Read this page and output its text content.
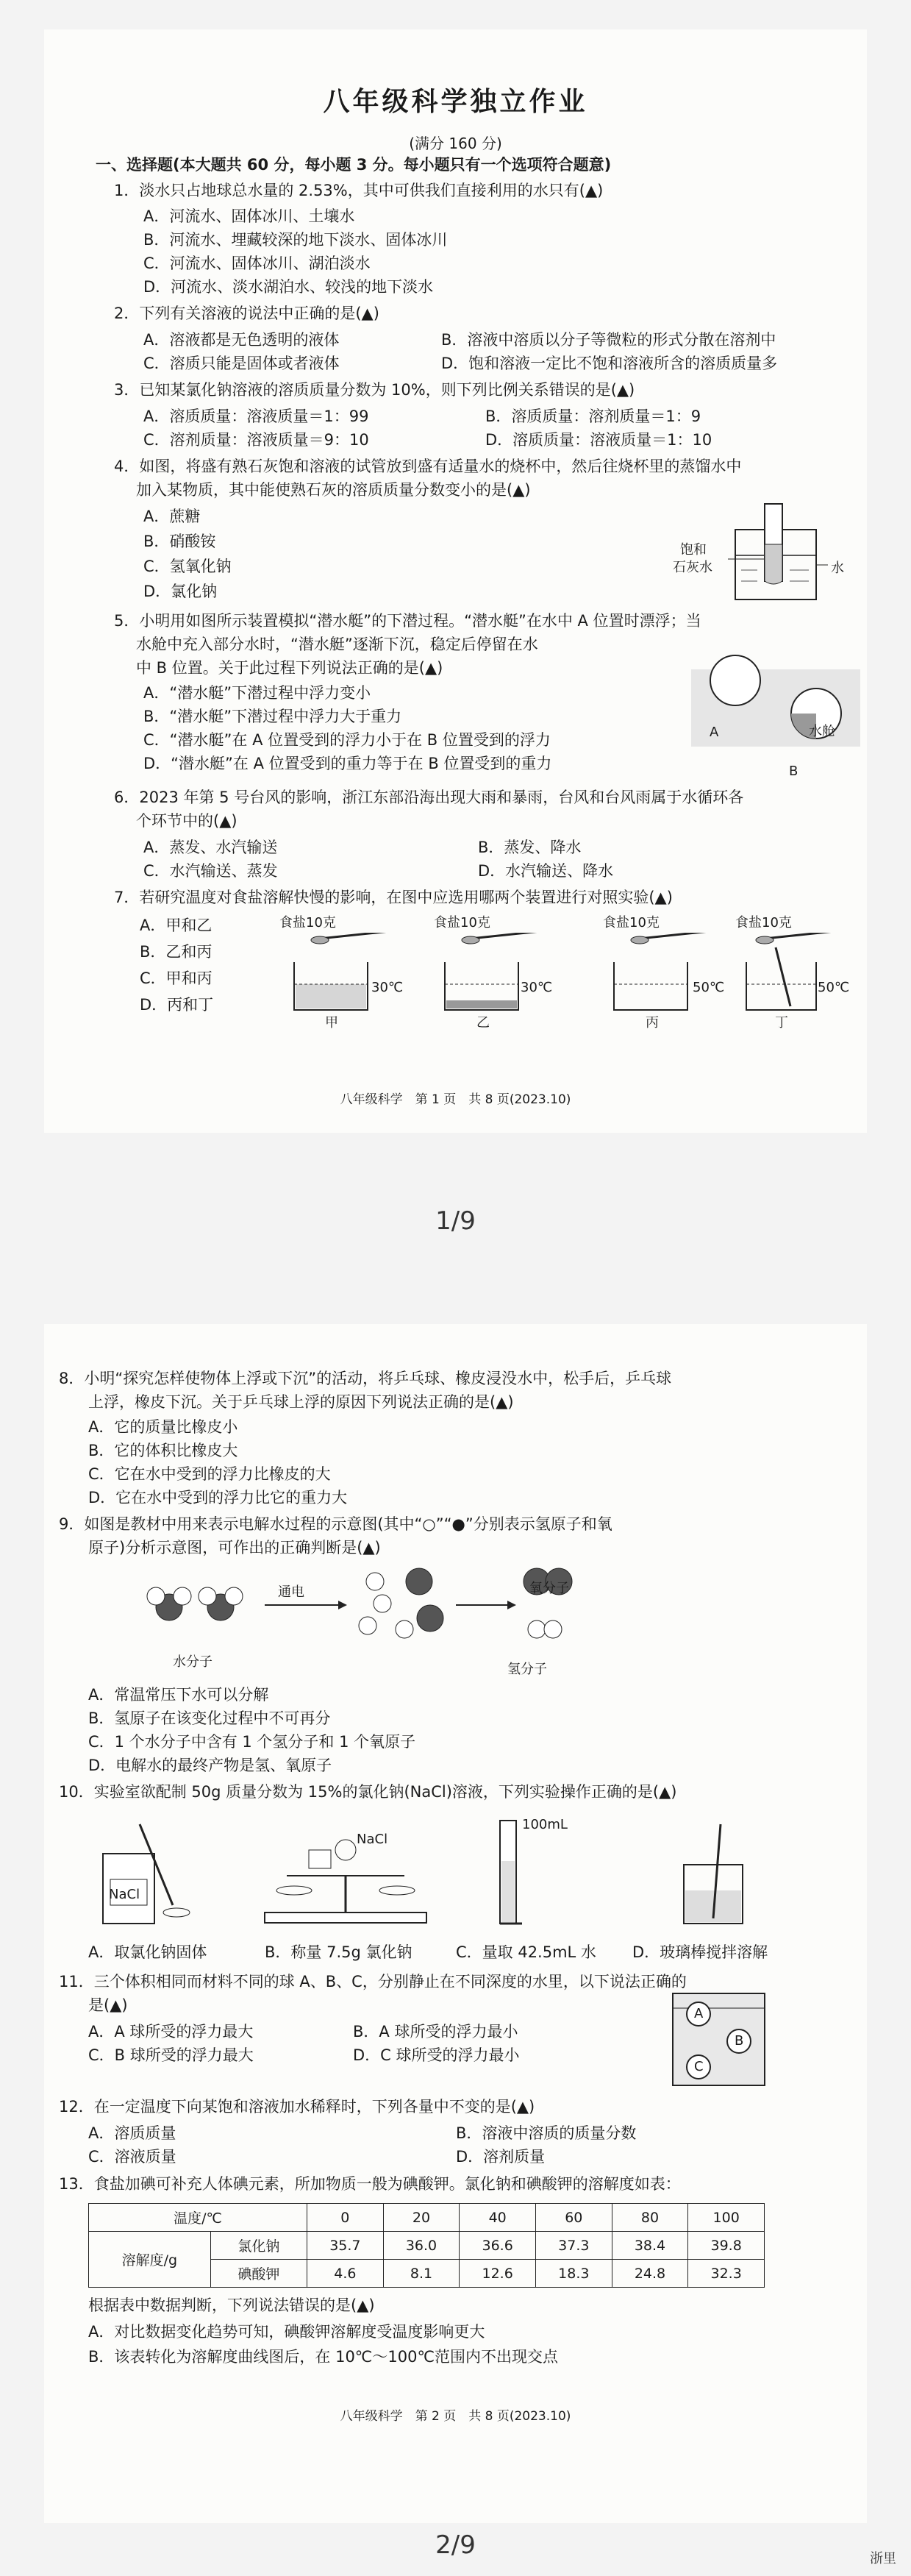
八年级科学独立作业
(满分 160 分)
一、选择题(本大题共 60 分，每小题 3 分。每小题只有一个选项符合题意)
1．淡水只占地球总水量的 2.53%，其中可供我们直接利用的水只有(▲)
A．河流水、固体冰川、土壤水
B．河流水、埋藏较深的地下淡水、固体冰川
C．河流水、固体冰川、湖泊淡水
D．河流水、淡水湖泊水、较浅的地下淡水
2．下列有关溶液的说法中正确的是(▲)
A．溶液都是无色透明的液体	B．溶液中溶质以分子等微粒的形式分散在溶剂中
C．溶质只能是固体或者液体	D．饱和溶液一定比不饱和溶液所含的溶质质量多
3．已知某氯化钠溶液的溶质质量分数为 10%，则下列比例关系错误的是(▲)
A．溶质质量：溶液质量＝1：99	B．溶质质量：溶剂质量＝1：9
C．溶剂质量：溶液质量＝9：10	D．溶质质量：溶液质量＝1：10
4．如图，将盛有熟石灰饱和溶液的试管放到盛有适量水的烧杯中，然后往烧杯里的蒸馏水中
加入某物质，其中能使熟石灰的溶质质量分数变小的是(▲)
A．蔗糖
B．硝酸铵
C．氢氧化钠
D．氯化钠
饱和
石灰水	水
5．小明用如图所示装置模拟“潜水艇”的下潜过程。“潜水艇”在水中 A 位置时漂浮；当
水舱中充入部分水时，“潜水艇”逐渐下沉，稳定后停留在水
中 B 位置。关于此过程下列说法正确的是(▲)
A．“潜水艇”下潜过程中浮力变小
B．“潜水艇”下潜过程中浮力大于重力
C．“潜水艇”在 A 位置受到的浮力小于在 B 位置受到的浮力
D．“潜水艇”在 A 位置受到的重力等于在 B 位置受到的重力
A
B
水舱
6．2023 年第 5 号台风的影响，浙江东部沿海出现大雨和暴雨，台风和台风雨属于水循环各
个环节中的(▲)
A．蒸发、水汽输送	B．蒸发、降水
C．水汽输送、蒸发	D．水汽输送、降水
7．若研究温度对食盐溶解快慢的影响，在图中应选用哪两个装置进行对照实验(▲)
A．甲和乙
B．乙和丙
C．甲和丙
D．丙和丁
食盐10克
30℃
甲
食盐10克
30℃
乙
食盐10克
50℃
丙
食盐10克
50℃
丁
八年级科学　第 1 页　共 8 页(2023.10)
1/9
8．小明“探究怎样使物体上浮或下沉”的活动，将乒乓球、橡皮浸没水中，松手后，乒乓球
上浮，橡皮下沉。关于乒乓球上浮的原因下列说法正确的是(▲)
A．它的质量比橡皮小
B．它的体积比橡皮大
C．它在水中受到的浮力比橡皮的大
D．它在水中受到的浮力比它的重力大
9．如图是教材中用来表示电解水过程的示意图(其中“○”“●”分别表示氢原子和氧
原子)分析示意图，可作出的正确判断是(▲)
通电
水分子
氧分子
氢分子
A．常温常压下水可以分解
B．氢原子在该变化过程中不可再分
C．1 个水分子中含有 1 个氢分子和 1 个氧原子
D．电解水的最终产物是氢、氧原子
10．实验室欲配制 50g 质量分数为 15%的氯化钠(NaCl)溶液，下列实验操作正确的是(▲)
NaCl
NaCl
100mL
A．取氯化钠固体	B．称量 7.5g 氯化钠	C．量取 42.5mL 水 D．玻璃棒搅拌溶解
11．三个体积相同而材料不同的球 A、B、C，分别静止在不同深度的水里，以下说法正确的
是(▲)
A．A 球所受的浮力最大	B．A 球所受的浮力最小
C．B 球所受的浮力最大	D．C 球所受的浮力最小
A
B
C
12．在一定温度下向某饱和溶液加水稀释时，下列各量中不变的是(▲)
A．溶质质量	B．溶液中溶质的质量分数
C．溶液质量	D．溶剂质量
13．食盐加碘可补充人体碘元素，所加物质一般为碘酸钾。氯化钠和碘酸钾的溶解度如表：
温度/℃		0	20	40	60	80	100
溶解度/g	氯化钠	35.7	36.0	36.6	37.3	38.4	39.8
	碘酸钾	4.6	8.1	12.6	18.3	24.8	32.3
根据表中数据判断，下列说法错误的是(▲)
A．对比数据变化趋势可知，碘酸钾溶解度受温度影响更大
B．该表转化为溶解度曲线图后，在 10℃～100℃范围内不出现交点
八年级科学　第 2 页　共 8 页(2023.10)
2/9	浙里
